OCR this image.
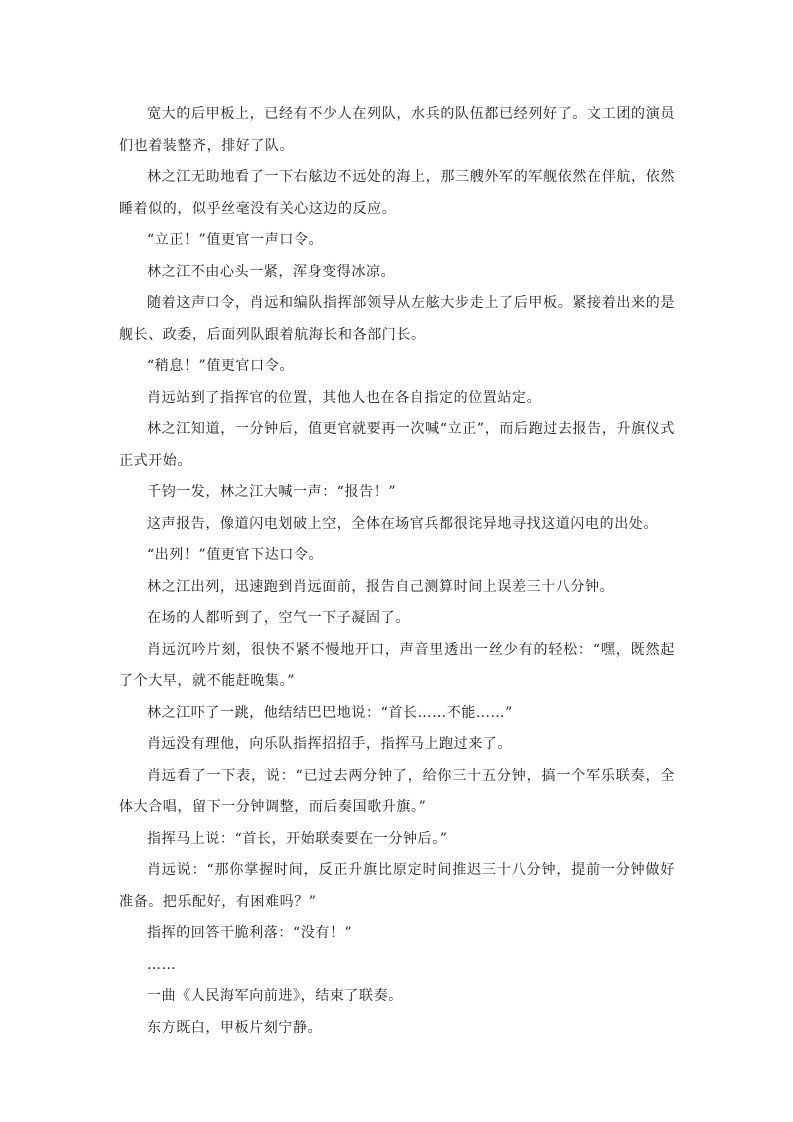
宽大的后甲板上，已经有不少人在列队，水兵的队伍都已经列好了。文工团的演员们也着装整齐，排好了队。

林之江无助地看了一下右舷边不远处的海上，那三艘外军的军舰依然在伴航，依然睡着似的，似乎丝毫没有关心这边的反应。

“立正！”值更官一声口令。

林之江不由心头一紧，浑身变得冰凉。

随着这声口令，肖远和编队指挥部领导从左舷大步走上了后甲板。紧接着出来的是舰长、政委，后面列队跟着航海长和各部门长。

“稍息！”值更官口令。

肖远站到了指挥官的位置，其他人也在各自指定的位置站定。

林之江知道，一分钟后，值更官就要再一次喊“立正”，而后跑过去报告，升旗仪式正式开始。

千钧一发，林之江大喊一声：“报告！”

这声报告，像道闪电划破上空，全体在场官兵都很诧异地寻找这道闪电的出处。

“出列！”值更官下达口令。

林之江出列，迅速跑到肖远面前，报告自己测算时间上误差三十八分钟。

在场的人都听到了，空气一下子凝固了。

肖远沉吟片刻，很快不紧不慢地开口，声音里透出一丝少有的轻松：“嘿，既然起了个大早，就不能赶晚集。”

林之江吓了一跳，他结结巴巴地说：“首长……不能……”

肖远没有理他，向乐队指挥招招手，指挥马上跑过来了。

肖远看了一下表，说：“已过去两分钟了，给你三十五分钟，搞一个军乐联奏，全体大合唱，留下一分钟调整，而后奏国歌升旗。”

指挥马上说：“首长，开始联奏要在一分钟后。”

肖远说：“那你掌握时间，反正升旗比原定时间推迟三十八分钟，提前一分钟做好准备。把乐配好，有困难吗？”

指挥的回答干脆利落：“没有！”

……

一曲《人民海军向前进》，结束了联奏。

东方既白，甲板片刻宁静。
